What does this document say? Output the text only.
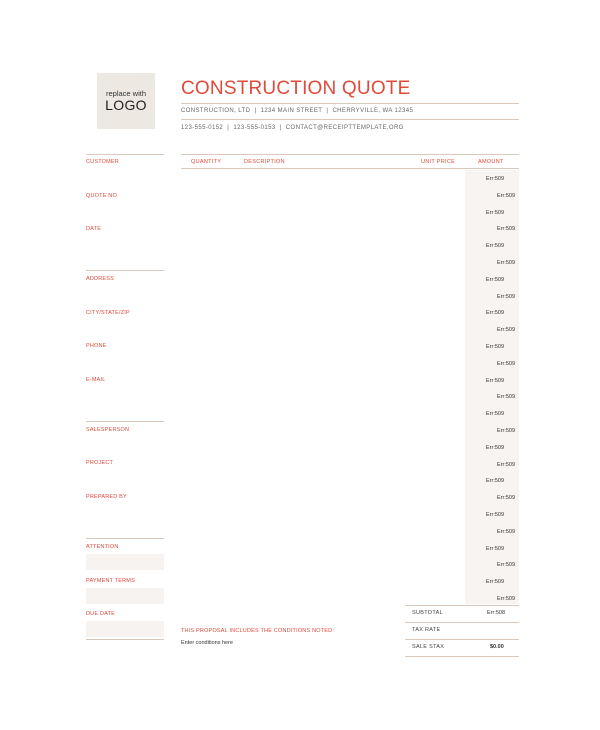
replace with
LOGO
CONSTRUCTION QUOTE
CONSTRUCTION, LTD  |  1234 MAIN STREET  |  CHERRYVILLE, WA 12345
123-555-0152  |  123-555-0153  |  CONTACT@RECEIPTTEMPLATE.ORG
CUSTOMER
QUOTE NO
DATE
ADDRESS
CITY/STATE/ZIP
PHONE
E-MAIL
SALESPERSON
PROJECT
PREPARED BY
ATTENTION
PAYMENT TERMS
DUE DATE
QUANTITY	DESCRIPTION	UNIT PRICE	AMOUNT
Err:509
Err:509
Err:509
Err:509
Err:509
Err:509
Err:509
Err:509
Err:509
Err:509
Err:509
Err:509
Err:509
Err:509
Err:509
Err:509
Err:509
Err:509
Err:509
Err:509
Err:509
Err:509
Err:509
Err:509
Err:509
Err:509
SUBTOTAL	Err:508
TAX RATE
SALE STAX	$0.00
THIS PROPOSAL INCLUDES THE CONDITIONS NOTED:
Enter conditions here
